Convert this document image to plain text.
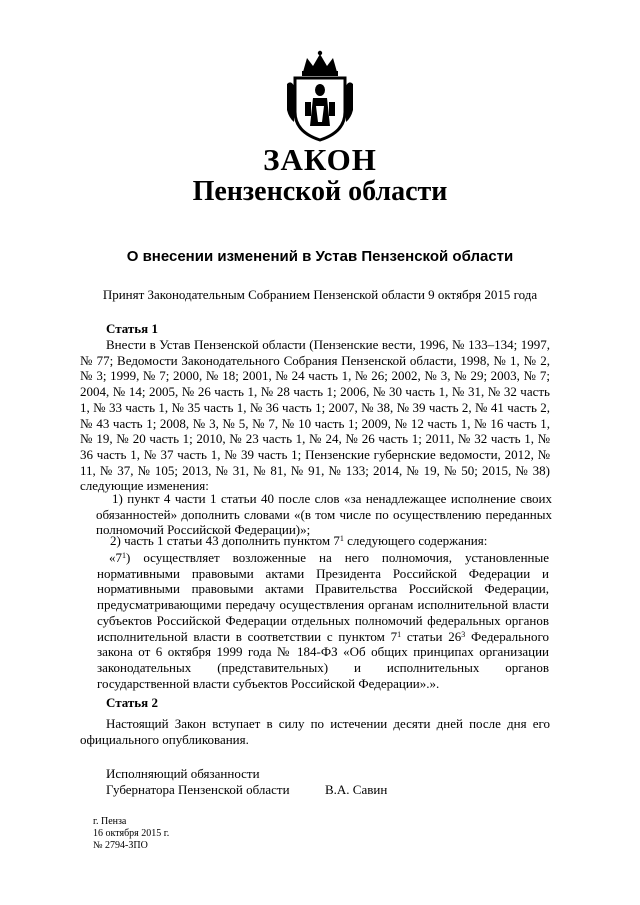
ЗАКОН
Пензенской области
О внесении изменений в Устав Пензенской области
Принят Законодательным Собранием Пензенской области 9 октября 2015 года
Статья 1
Внести в Устав Пензенской области (Пензенские вести, 1996, № 133–134; 1997, № 77; Ведомости Законодательного Собрания Пензенской области, 1998, № 1, № 2, № 3; 1999, № 7; 2000, № 18; 2001, № 24 часть 1, № 26; 2002, № 3, № 29; 2003, № 7; 2004, № 14; 2005, № 26 часть 1, № 28 часть 1; 2006, № 30 часть 1, № 31, № 32 часть 1, № 33 часть 1, № 35 часть 1, № 36 часть 1; 2007, № 38, № 39 часть 2, № 41 часть 2, № 43 часть 1; 2008, № 3, № 5, № 7, № 10 часть 1; 2009, № 12 часть 1, № 16 часть 1, № 19, № 20 часть 1; 2010, № 23 часть 1, № 24, № 26 часть 1; 2011, № 32 часть 1, № 36 часть 1, № 37 часть 1, № 39 часть 1; Пензенские губернские ведомости, 2012, № 11, № 37, № 105; 2013, № 31, № 81, № 91, № 133; 2014, № 19, № 50; 2015, № 38) следующие изменения:
1) пункт 4 части 1 статьи 40 после слов «за ненадлежащее исполнение своих обязанностей» дополнить словами «(в том числе по осуществлению переданных полномочий Российской Федерации)»;
2) часть 1 статьи 43 дополнить пунктом $7^1$ следующего содержания:
«$7^1$) осуществляет возложенные на него полномочия, установленные нормативными правовыми актами Президента Российской Федерации и нормативными правовыми актами Правительства Российской Федерации, предусматривающими передачу осуществления органам исполнительной власти субъектов Российской Федерации отдельных полномочий федеральных органов исполнительной власти в соответствии с пунктом $7^1$ статьи $26^3$ Федерального закона от 6 октября 1999 года № 184-ФЗ «Об общих принципах организации законодательных (представительных) и исполнительных органов государственной власти субъектов Российской Федерации».».
Статья 2
Настоящий Закон вступает в силу по истечении десяти дней после дня его официального опубликования.
Исполняющий обязанности
Губернатора Пензенской области	В.А. Савин
г. Пенза
16 октября 2015 г.
№ 2794-ЗПО
